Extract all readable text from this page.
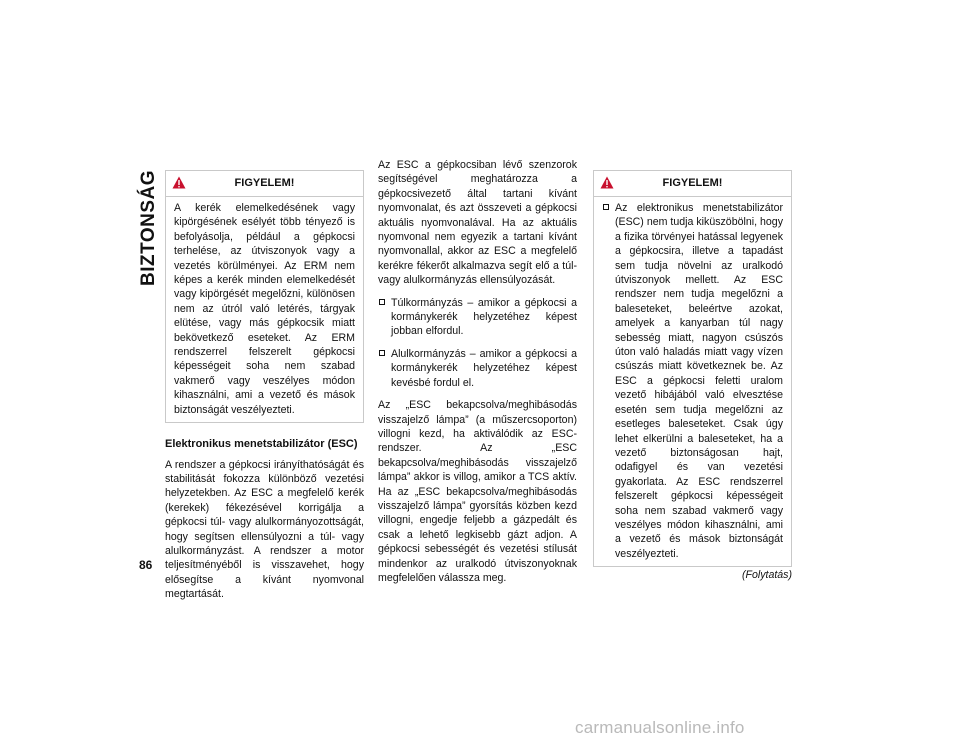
BIZTONSÁG
86
FIGYELEM!

A kerék elemelkedésének vagy kipörgésének esélyét több tényező is befolyásolja, például a gépkocsi terhelése, az útviszonyok vagy a vezetés körülményei. Az ERM nem képes a kerék minden elemelkedését vagy kipörgését megelőzni, különösen nem az útról való letérés, tárgyak elütése, vagy más gépkocsik miatt bekövetkező eseteket. Az ERM rendszerrel felszerelt gépkocsi képességeit soha nem szabad vakmerő vagy veszélyes módon kihasználni, ami a vezető és mások biztonságát veszélyezteti.

Elektronikus menetstabilizátor (ESC)

A rendszer a gépkocsi irányíthatóságát és stabilitását fokozza különböző vezetési helyzetekben. Az ESC a megfelelő kerék (kerekek) fékezésével korrigálja a gépkocsi túl- vagy alulkormányozottságát, hogy segítsen ellensúlyozni a túl- vagy alulkormányzást. A rendszer a motor teljesítményéből is visszavehet, hogy elősegítse a kívánt nyomvonal megtartását.

Az ESC a gépkocsiban lévő szenzorok segítségével meghatározza a gépkocsivezető által tartani kívánt nyomvonalat, és azt összeveti a gépkocsi aktuális nyomvonalával. Ha az aktuális nyomvonal nem egyezik a tartani kívánt nyomvonallal, akkor az ESC a megfelelő kerékre fékerőt alkalmazva segít elő a túl- vagy alulkormányzás ellensúlyozását.

Túlkormányzás – amikor a gépkocsi a kormánykerék helyzetéhez képest jobban elfordul.
Alulkormányzás – amikor a gépkocsi a kormánykerék helyzetéhez képest kevésbé fordul el.

Az „ESC bekapcsolva/meghibásodás visszajelző lámpa” (a műszercsoporton) villogni kezd, ha aktiválódik az ESC-rendszer. Az „ESC bekapcsolva/meghibásodás visszajelző lámpa” akkor is villog, amikor a TCS aktív. Ha az „ESC bekapcsolva/meghibásodás visszajelző lámpa” gyorsítás közben kezd villogni, engedje feljebb a gázpedált és csak a lehető legkisebb gázt adjon. A gépkocsi sebességét és vezetési stílusát mindenkor az uralkodó útviszonyoknak megfelelően válassza meg.

FIGYELEM!
Az elektronikus menetstabilizátor (ESC) nem tudja kiküszöbölni, hogy a fizika törvényei hatással legyenek a gépkocsira, illetve a tapadást sem tudja növelni az uralkodó útviszonyok mellett. Az ESC rendszer nem tudja megelőzni a baleseteket, beleértve azokat, amelyek a kanyarban túl nagy sebesség miatt, nagyon csúszós úton való haladás miatt vagy vízen csúszás miatt következnek be. Az ESC a gépkocsi feletti uralom vezető hibájából való elvesztése esetén sem tudja megelőzni az esetleges baleseteket. Csak úgy lehet elkerülni a baleseteket, ha a vezető biztonságosan hajt, odafigyel és van vezetési gyakorlata. Az ESC rendszerrel felszerelt gépkocsi képességeit soha nem szabad vakmerő vagy veszélyes módon kihasználni, ami a vezető és mások biztonságát veszélyezteti.
(Folytatás)
carmanualsonline.info
